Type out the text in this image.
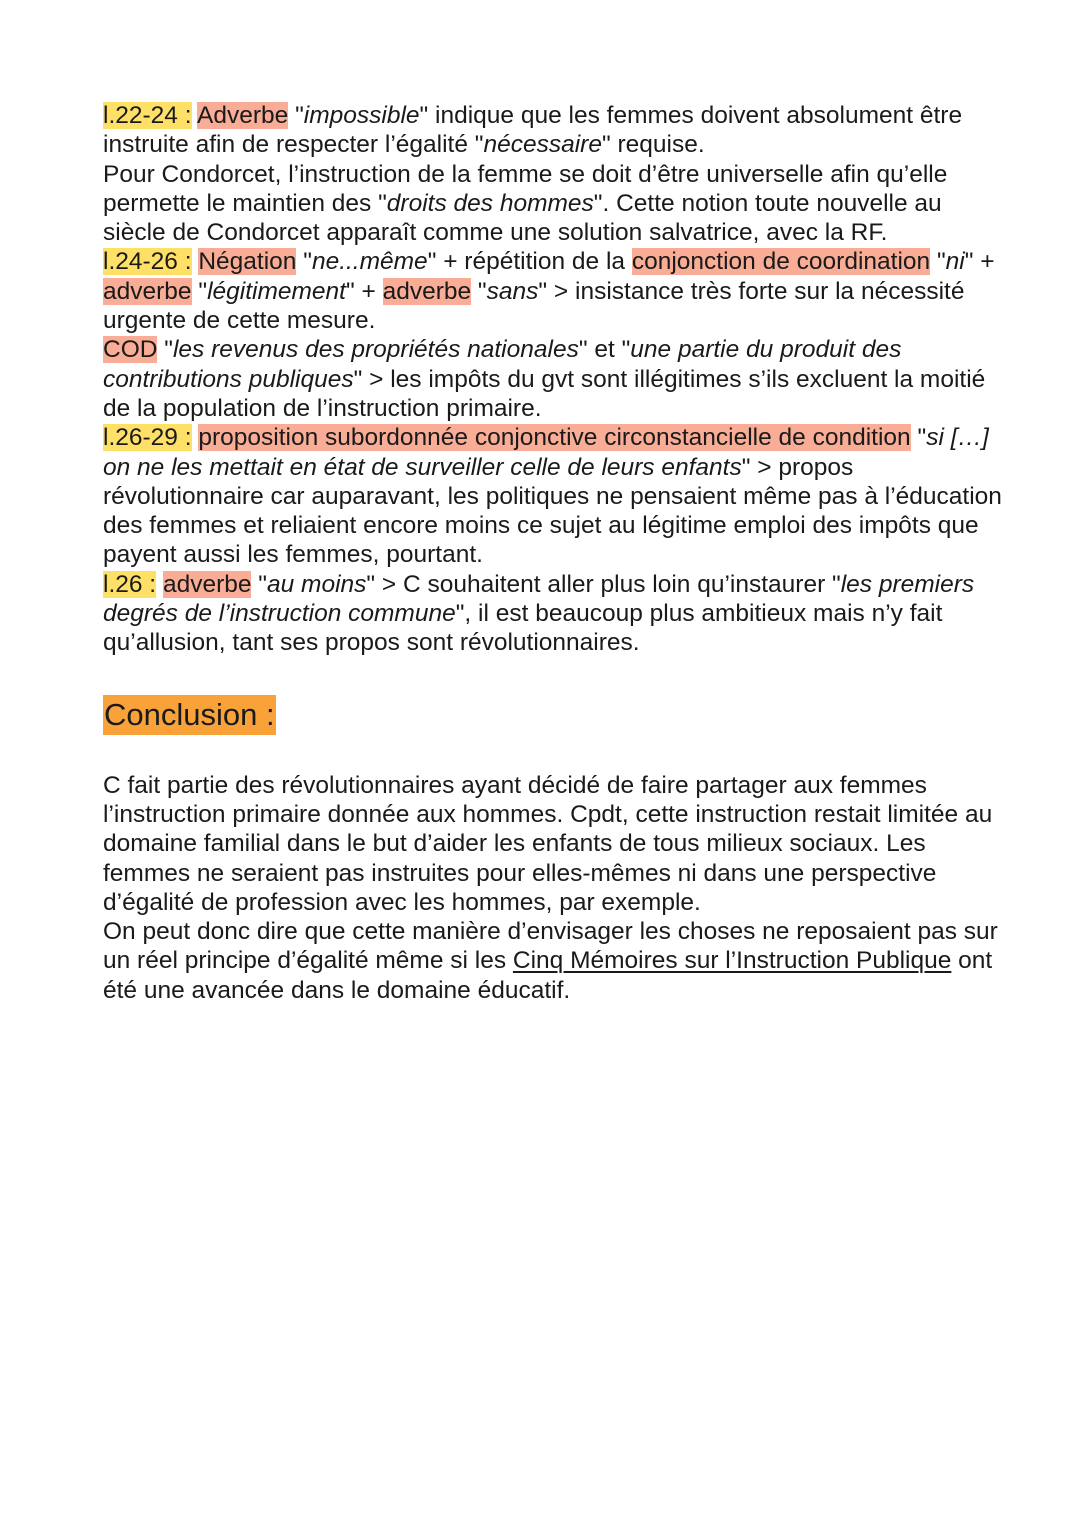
l.22-24 : Adverbe "impossible" indique que les femmes doivent absolument être instruite afin de respecter l’égalité "nécessaire" requise.
Pour Condorcet, l’instruction de la femme se doit d’être universelle afin qu’elle permette le maintien des "droits des hommes". Cette notion toute nouvelle au siècle de Condorcet apparaît comme une solution salvatrice, avec la RF.

l.24-26 : Négation "ne...même" + répétition de la conjonction de coordination "ni" + adverbe "légitimement" + adverbe "sans" > insistance très forte sur la nécessité urgente de cette mesure.
COD "les revenus des propriétés nationales" et "une partie du produit des contributions publiques" > les impôts du gvt sont illégitimes s’ils excluent la moitié de la population de l’instruction primaire.

l.26-29 : proposition subordonnée conjonctive circonstancielle de condition "si […] on ne les mettait en état de surveiller celle de leurs enfants" > propos révolutionnaire car auparavant, les politiques ne pensaient même pas à l’éducation des femmes et reliaient encore moins ce sujet au légitime emploi des impôts que payent aussi les femmes, pourtant.

l.26 : adverbe "au moins" > C souhaitent aller plus loin qu’instaurer "les premiers degrés de l’instruction commune", il est beaucoup plus ambitieux mais n’y fait qu’allusion, tant ses propos sont révolutionnaires.

Conclusion :

C fait partie des révolutionnaires ayant décidé de faire partager aux femmes l’instruction primaire donnée aux hommes. Cpdt, cette instruction restait limitée au domaine familial dans le but d’aider les enfants de tous milieux sociaux. Les femmes ne seraient pas instruites pour elles-mêmes ni dans une perspective d’égalité de profession avec les hommes, par exemple.
On peut donc dire que cette manière d’envisager les choses ne reposaient pas sur un réel principe d’égalité même si les Cinq Mémoires sur l’Instruction Publique ont été une avancée dans le domaine éducatif.
